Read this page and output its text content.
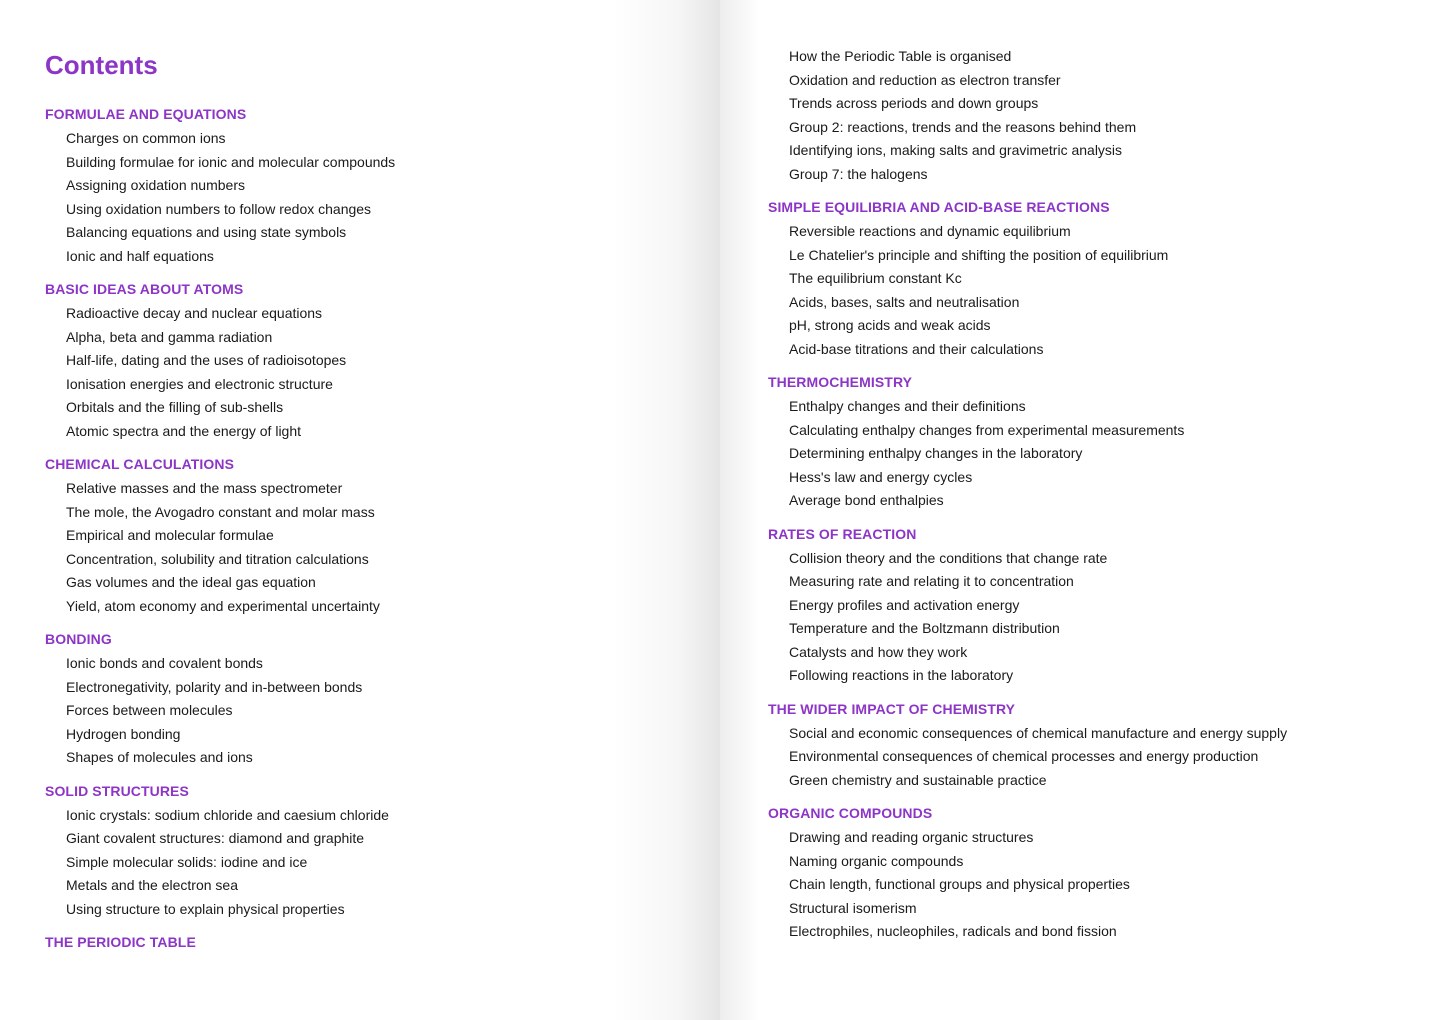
Contents
FORMULAE AND EQUATIONS
Charges on common ions
Building formulae for ionic and molecular compounds
Assigning oxidation numbers
Using oxidation numbers to follow redox changes
Balancing equations and using state symbols
Ionic and half equations
BASIC IDEAS ABOUT ATOMS
Radioactive decay and nuclear equations
Alpha, beta and gamma radiation
Half-life, dating and the uses of radioisotopes
Ionisation energies and electronic structure
Orbitals and the filling of sub-shells
Atomic spectra and the energy of light
CHEMICAL CALCULATIONS
Relative masses and the mass spectrometer
The mole, the Avogadro constant and molar mass
Empirical and molecular formulae
Concentration, solubility and titration calculations
Gas volumes and the ideal gas equation
Yield, atom economy and experimental uncertainty
BONDING
Ionic bonds and covalent bonds
Electronegativity, polarity and in-between bonds
Forces between molecules
Hydrogen bonding
Shapes of molecules and ions
SOLID STRUCTURES
Ionic crystals: sodium chloride and caesium chloride
Giant covalent structures: diamond and graphite
Simple molecular solids: iodine and ice
Metals and the electron sea
Using structure to explain physical properties
THE PERIODIC TABLE
How the Periodic Table is organised
Oxidation and reduction as electron transfer
Trends across periods and down groups
Group 2: reactions, trends and the reasons behind them
Identifying ions, making salts and gravimetric analysis
Group 7: the halogens
SIMPLE EQUILIBRIA AND ACID-BASE REACTIONS
Reversible reactions and dynamic equilibrium
Le Chatelier's principle and shifting the position of equilibrium
The equilibrium constant Kc
Acids, bases, salts and neutralisation
pH, strong acids and weak acids
Acid-base titrations and their calculations
THERMOCHEMISTRY
Enthalpy changes and their definitions
Calculating enthalpy changes from experimental measurements
Determining enthalpy changes in the laboratory
Hess's law and energy cycles
Average bond enthalpies
RATES OF REACTION
Collision theory and the conditions that change rate
Measuring rate and relating it to concentration
Energy profiles and activation energy
Temperature and the Boltzmann distribution
Catalysts and how they work
Following reactions in the laboratory
THE WIDER IMPACT OF CHEMISTRY
Social and economic consequences of chemical manufacture and energy supply
Environmental consequences of chemical processes and energy production
Green chemistry and sustainable practice
ORGANIC COMPOUNDS
Drawing and reading organic structures
Naming organic compounds
Chain length, functional groups and physical properties
Structural isomerism
Electrophiles, nucleophiles, radicals and bond fission
